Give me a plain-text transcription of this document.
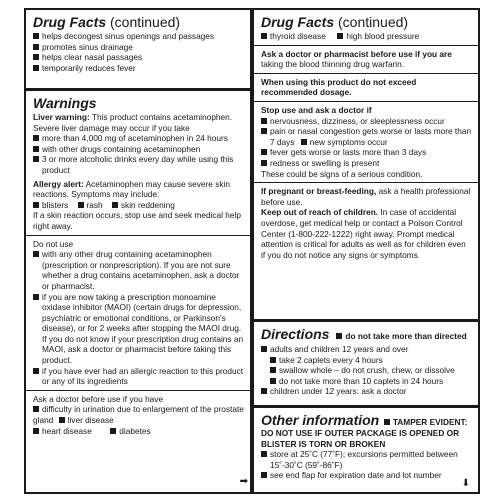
Drug Facts (continued)
helps decongest sinus openings and passages
promotes sinus drainage
helps clear nasal passages
temporarily reduces fever
Warnings
Liver warning: This product contains acetaminophen. Severe liver damage may occur if you take
more than 4,000 mg of acetaminophen in 24 hours
with other drugs containing acetaminophen
3 or more alcoholic drinks every day while using this product
Allergy alert: Acetaminophen may cause severe skin reactions. Symptoms may include:
blisters rash skin reddening
If a skin reaction occurs, stop use and seek medical help right away.
Do not use
with any other drug containing acetaminophen (prescription or nonprescription). If you are not sure whether a drug contains acetaminophen, ask a doctor or pharmacist.
if you are now taking a prescription monoamine oxidase inhibitor (MAOI) (certain drugs for depression, psychiatric or emotional conditions, or Parkinson's disease), or for 2 weeks after stopping the MAOI drug. If you do not know if your prescription drug contains an MAOI, ask a doctor or pharmacist before taking this product.
if you have ever had an allergic reaction to this product or any of its ingredients
Ask a doctor before use if you have
difficulty in urination due to enlargement of the prostate gland liver disease
heart disease	diabetes
➡
Drug Facts (continued)
thyroid disease high blood pressure
Ask a doctor or pharmacist before use if you are
taking the blood thinning drug warfarin.
When using this product do not exceed recommended dosage.
Stop use and ask a doctor if
nervousness, dizziness, or sleeplessness occur
pain or nasal congestion gets worse or lasts more than 7 days new symptoms occur
fever gets worse or lasts more than 3 days
redness or swelling is present
These could be signs of a serious condition.
If pregnant or breast-feeding, ask a health professional before use.
Keep out of reach of children. In case of accidental overdose, get medical help or contact a Poison Control Center (1-800-222-1222) right away. Prompt medical attention is critical for adults as well as for children even if you do not notice any signs or symptoms.
Directions do not take more than directed
adults and children 12 years and over
take 2 caplets every 4 hours
swallow whole – do not crush, chew, or dissolve
do not take more than 10 caplets in 24 hours
children under 12 years: ask a doctor
Other information TAMPER EVIDENT: DO NOT USE IF OUTER PACKAGE IS OPENED OR BLISTER IS TORN OR BROKEN
store at 25˚C (77˚F); excursions permitted between 15˚-30˚C (59˚-86˚F)
see end flap for expiration date and lot number
⬇
